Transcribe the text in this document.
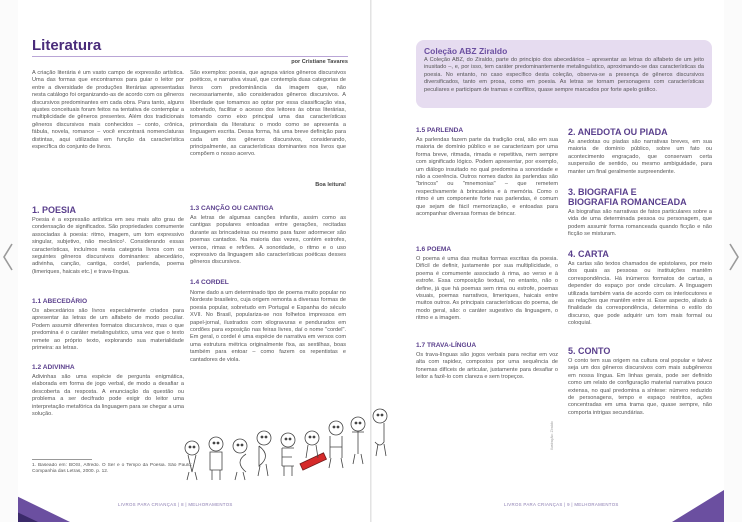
Literatura
por Cristiane Tavares
A criação literária é um vasto campo de expressão artística. Uma das formas que encontramos para guiar o leitor por entre a diversidade de produções literárias apresentadas nesta catálogo foi organizando-as de acordo com os gêneros discursivos predominantes em cada obra. Para tanto, alguns ajustes conceituais foram feitos na tentativa de contemplar a multiplicidade de gêneros presentes. Além dos tradicionais gêneros discursivos mais conhecidos – conto, crônica, fábula, novela, romance – você encontrará nomenclaturas distintas, aqui utilizadas em função da característica específica do conjunto de livros.
São exemplos: poesia, que agrupa vários gêneros discursivos poéticos, e narrativa visual, que contempla duas categorias de livros com predominância da imagem que, não necessariamente, são considerados gêneros discursivos. A liberdade que tomamos ao optar por essa classificação visa, sobretudo, facilitar o acesso dos leitores às obras literárias, tomando como eixo principal uma das características primordiais da literatura: o modo como se apresenta a linguagem escrita. Dessa forma, há uma breve definição para cada um dos gêneros discursivos, considerando, principalmente, as características dominantes nos livros que compõem o nosso acervo.
Boa leitura!
1. POESIA
Poesia é a expressão artística em seu mais alto grau de condensação de significados. São propriedades comumente associadas à poesia: ritmo, imagem, um tom expressivo singular, subjetivo, não mecânico¹. Considerando essas características, incluímos nesta categoria livros com os seguintes gêneros discursivos dominantes: abecedário, adivinha, canção, cantiga, cordel, parlenda, poema (limeriques, haicais etc.) e trava-língua.
1.1 ABECEDÁRIO
Os abecedários são livros especialmente criados para apresentar às letras de um alfabeto de modo peculiar. Podem assumir diferentes formatos discursivos, mas o que predomina é o caráter metalinguístico, uma vez que o texto remete ao próprio texto, explorando sua materialidade primeira: as letras.
1.2 ADIVINHA
Adivinhas são uma espécie de pergunta enigmática, elaborada em forma de jogo verbal, de modo a desafiar a descoberta da resposta. A enunciação da questão ou problema a ser decifrado pode exigir do leitor uma interpretação metafórica da linguagem para se chegar a uma solução.
1.3 CANÇÃO OU CANTIGA
As letras de algumas canções infantis, assim como as cantigas populares entoadas entre gerações, recitadas durante as brincadeiras ou mesmo para fazer adormecer são poemas cantados. Na maioria das vezes, contém estrofes, versos, rimas e refrões. A sonoridade, o ritmo e o uso expressivo da linguagem são características poéticas desses gêneros discursivos.
1.4 CORDEL
Nome dado a um determinado tipo de poema muito popular no Nordeste brasileiro, cuja origem remonta a diversas formas de poesia popular, sobretudo em Portugal e Espanha do século XVII. No Brasil, populariza-se nos folhetos impressos em papel-jornal, ilustrados com xilogravuras e pendurados em cordões para exposição nas feiras livres, daí o nome "cordel". Em geral, o cordel é uma espécie de narrativa em versos com uma estrutura métrica originalmente fixa, as sextilhas, boas também para entoar – como fazem os repentistas e cantadores de viola.
1. Baseado em: BOSI, Alfredo. O Ser e o Tempo da Poesia. São Paulo: Companhia das Letras, 2000. p. 12.
LIVROS PARA CRIANÇAS | 8 | MELHORAMENTOS
Coleção ABZ Ziraldo
A Coleção ABZ, do Ziraldo, parte do princípio dos abecedários – apresentar as letras do alfabeto de um jeito inusitado –, e, por isso, tem caráter predominantemente metalinguístico, aproximando-se das características da poesia. No entanto, no caso específico desta coleção, observa-se a presença de gêneros discursivos diversificados, tanto em prosa, como em poesia. As letras se tornam personagens com características peculiares e participam de tramas e conflitos, quase sempre marcados por forte apelo gráfico.
1.5 PARLENDA
As parlendas fazem parte da tradição oral, são em sua maioria de domínio público e se caracterizam por uma forma breve, ritmada, rimada e repetitiva, nem sempre com significado lógico. Podem apresentar, por exemplo, um diálogo insuitado no qual predomina a sonoridade e não a coerência. Outros nomes dados às parlendas são "brincos" ou "mnemonias" – que remetem respectivamente à brincadeira e à memória. Como o ritmo é um componente forte nas parlendas, é comum que sejam de fácil memorização, e entoadas para acompanhar diversas formas de brincar.
1.6 POEMA
O poema é uma das muitas formas escritas da poesia. Difícil de definir, justamente por sua multiplicidade, o poema é comumente associado à rima, ao verso e à estrofe. Essa composição textual, no entanto, não o define, já que há poemas sem rima ou estrofe, poemas visuais, poemas narrativos, limeriques, haicais entre muitos outros. As principais características do poema, de modo geral, são: o caráter sugestivo da linguagem, o ritmo e a imagem.
1.7 TRAVA-LÍNGUA
Os trava-línguas são jogos verbais para recitar em voz alta com rapidez, compostos por uma sequência de fonemas difíceis de articular, justamente para desafiar o leitor a fazê-lo com clareza e sem tropeços.
2. ANEDOTA OU PIADA
As anedotas ou piadas são narrativas breves, em sua maioria de domínio público, sobre um fato ou acontecimento engraçado, que conservam certa suspensão de sentido, ou mesmo ambiguidade, para manter um final geralmente surpreendente.
3. BIOGRAFIA E
BIOGRAFIA ROMANCEADA
As biografias são narrativas de fatos particulares sobre a vida de uma determinada pessoa ou personagem, que podem assumir forma romanceada quando ficção e não ficção se misturam.
4. CARTA
As cartas são textos chamados de epistolares, por meio dos quais as pessoas ou instituições mantêm correspondência. Há inúmeros formatos de cartas, a depender do espaço por onde circulam. A linguagem utilizada também varia de acordo com os interlocutores e as relações que mantêm entre si. Esse aspecto, aliado à finalidade da correspondência, determina o estilo do discurso, que pode adquirir um tom mais formal ou coloquial.
5. CONTO
O conto tem sua origem na cultura oral popular e talvez seja um dos gêneros discursivos com mais subgêneros em nossa língua. Em linhas gerais, pode ser definido como um relato de configuração material narrativa pouco extensa, no qual predomina a síntese: número reduzido de personagens, tempo e espaço restritos, ações concentradas em uma trama que, quase sempre, não comporta intrigas secundárias.
Ilustração: Ziraldo
LIVROS PARA CRIANÇAS | 9 | MELHORAMENTOS
